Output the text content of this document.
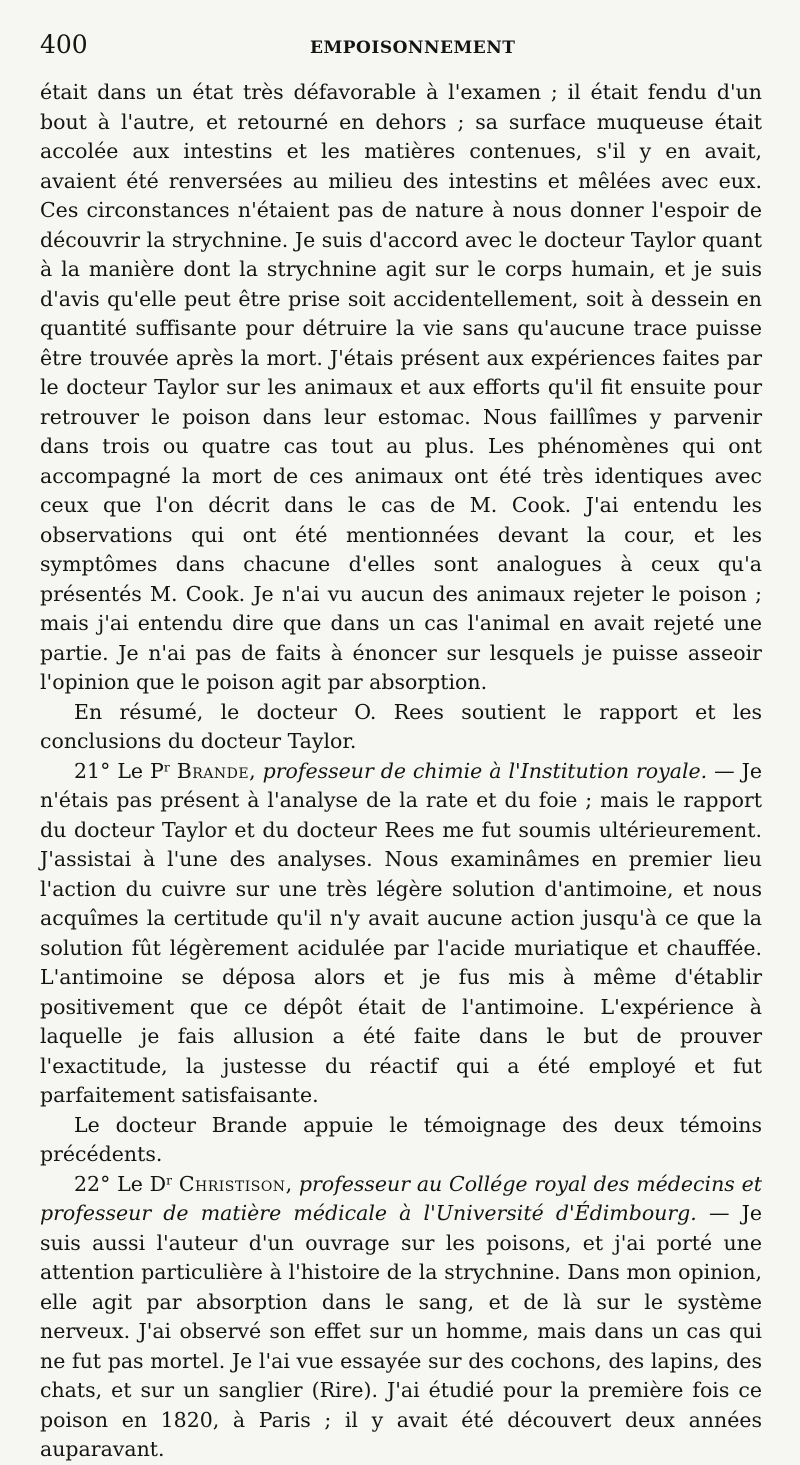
400	EMPOISONNEMENT

était dans un état très défavorable à l'examen ; il était fendu d'un bout à l'autre, et retourné en dehors ; sa surface muqueuse était accolée aux intestins et les matières contenues, s'il y en avait, avaient été renversées au milieu des intestins et mêlées avec eux. Ces circonstances n'étaient pas de nature à nous donner l'espoir de découvrir la strychnine. Je suis d'accord avec le docteur Taylor quant à la manière dont la strychnine agit sur le corps humain, et je suis d'avis qu'elle peut être prise soit accidentellement, soit à dessein en quantité suffisante pour détruire la vie sans qu'aucune trace puisse être trouvée après la mort. J'étais présent aux expériences faites par le docteur Taylor sur les animaux et aux efforts qu'il fit ensuite pour retrouver le poison dans leur estomac. Nous faillîmes y parvenir dans trois ou quatre cas tout au plus. Les phénomènes qui ont accompagné la mort de ces animaux ont été très identiques avec ceux que l'on décrit dans le cas de M. Cook. J'ai entendu les observations qui ont été mentionnées devant la cour, et les symptômes dans chacune d'elles sont analogues à ceux qu'a présentés M. Cook. Je n'ai vu aucun des animaux rejeter le poison ; mais j'ai entendu dire que dans un cas l'animal en avait rejeté une partie. Je n'ai pas de faits à énoncer sur lesquels je puisse asseoir l'opinion que le poison agit par absorption.

En résumé, le docteur O. Rees soutient le rapport et les conclusions du docteur Taylor.

21° Le $P^r$ Brande, professeur de chimie à l'Institution royale. — Je n'étais pas présent à l'analyse de la rate et du foie ; mais le rapport du docteur Taylor et du docteur Rees me fut soumis ultérieurement. J'assistai à l'une des analyses. Nous examinâmes en premier lieu l'action du cuivre sur une très légère solution d'antimoine, et nous acquîmes la certitude qu'il n'y avait aucune action jusqu'à ce que la solution fût légèrement acidulée par l'acide muriatique et chauffée. L'antimoine se déposa alors et je fus mis à même d'établir positivement que ce dépôt était de l'antimoine. L'expérience à laquelle je fais allusion a été faite dans le but de prouver l'exactitude, la justesse du réactif qui a été employé et fut parfaitement satisfaisante.

Le docteur Brande appuie le témoignage des deux témoins précédents.

22° Le $D^r$ Christison, professeur au Collége royal des médecins et professeur de matière médicale à l'Université d'Édimbourg. — Je suis aussi l'auteur d'un ouvrage sur les poisons, et j'ai porté une attention particulière à l'histoire de la strychnine. Dans mon opinion, elle agit par absorption dans le sang, et de là sur le système nerveux. J'ai observé son effet sur un homme, mais dans un cas qui ne fut pas mortel. Je l'ai vue essayée sur des cochons, des lapins, des chats, et sur un sanglier (Rire). J'ai étudié pour la première fois ce poison en 1820, à Paris ; il y avait été découvert deux années auparavant.
